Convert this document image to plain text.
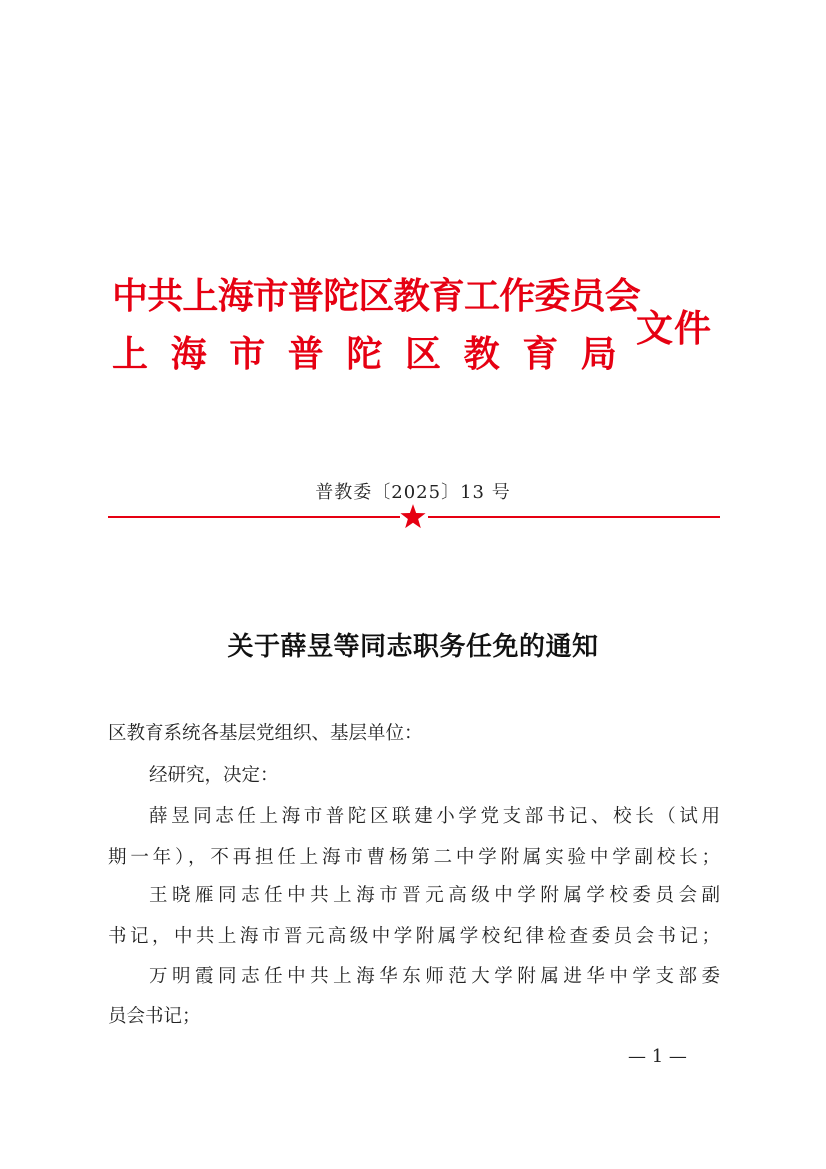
中共上海市普陀区教育工作委员会
上海市普陀区教育局
文件
普教委〔2025〕13 号
关于薛昱等同志职务任免的通知
区教育系统各基层党组织、基层单位：
经研究，决定：
薛昱同志任上海市普陀区联建小学党支部书记、校长（试用
期一年），不再担任上海市曹杨第二中学附属实验中学副校长；
王晓雁同志任中共上海市晋元高级中学附属学校委员会副
书记，中共上海市晋元高级中学附属学校纪律检查委员会书记；
万明霞同志任中共上海华东师范大学附属进华中学支部委
员会书记；
— 1 —
